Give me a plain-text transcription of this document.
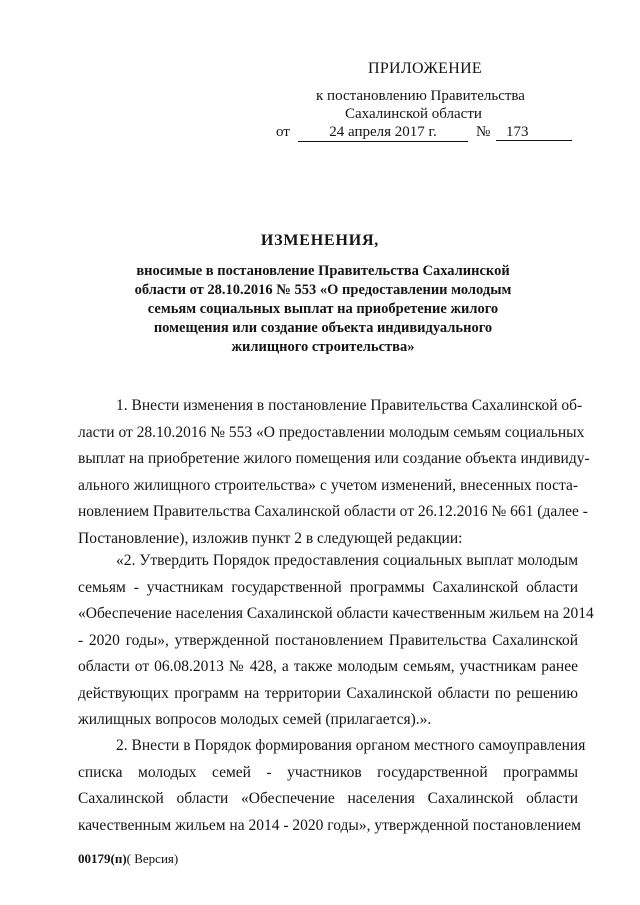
ПРИЛОЖЕНИЕ
к постановлению Правительства
Сахалинской области
от	24 апреля 2017 г.	№	173
ИЗМЕНЕНИЯ,
вносимые в постановление Правительства Сахалинской
области от 28.10.2016 № 553 «О предоставлении молодым
семьям социальных выплат на приобретение жилого
помещения или создание объекта индивидуального
жилищного строительства»
1. Внести изменения в постановление Правительства Сахалинской об-
ласти от 28.10.2016 № 553 «О предоставлении молодым семьям социальных
выплат на приобретение жилого помещения или создание объекта индивиду-
ального жилищного строительства» с учетом изменений, внесенных поста-
новлением Правительства Сахалинской области от 26.12.2016 № 661 (далее -
Постановление), изложив пункт 2 в следующей редакции:
«2. Утвердить Порядок предоставления социальных выплат молодым
семьям - участникам государственной программы Сахалинской области
«Обеспечение населения Сахалинской области качественным жильем на 2014
- 2020 годы», утвержденной постановлением Правительства Сахалинской
области от 06.08.2013 № 428, а также молодым семьям, участникам ранее
действующих программ на территории Сахалинской области по решению
жилищных вопросов молодых семей (прилагается).».
2. Внести в Порядок формирования органом местного самоуправления
списка молодых семей - участников государственной программы
Сахалинской области «Обеспечение населения Сахалинской области
качественным жильем на 2014 - 2020 годы», утвержденной постановлением
00179(п)( Версия)
